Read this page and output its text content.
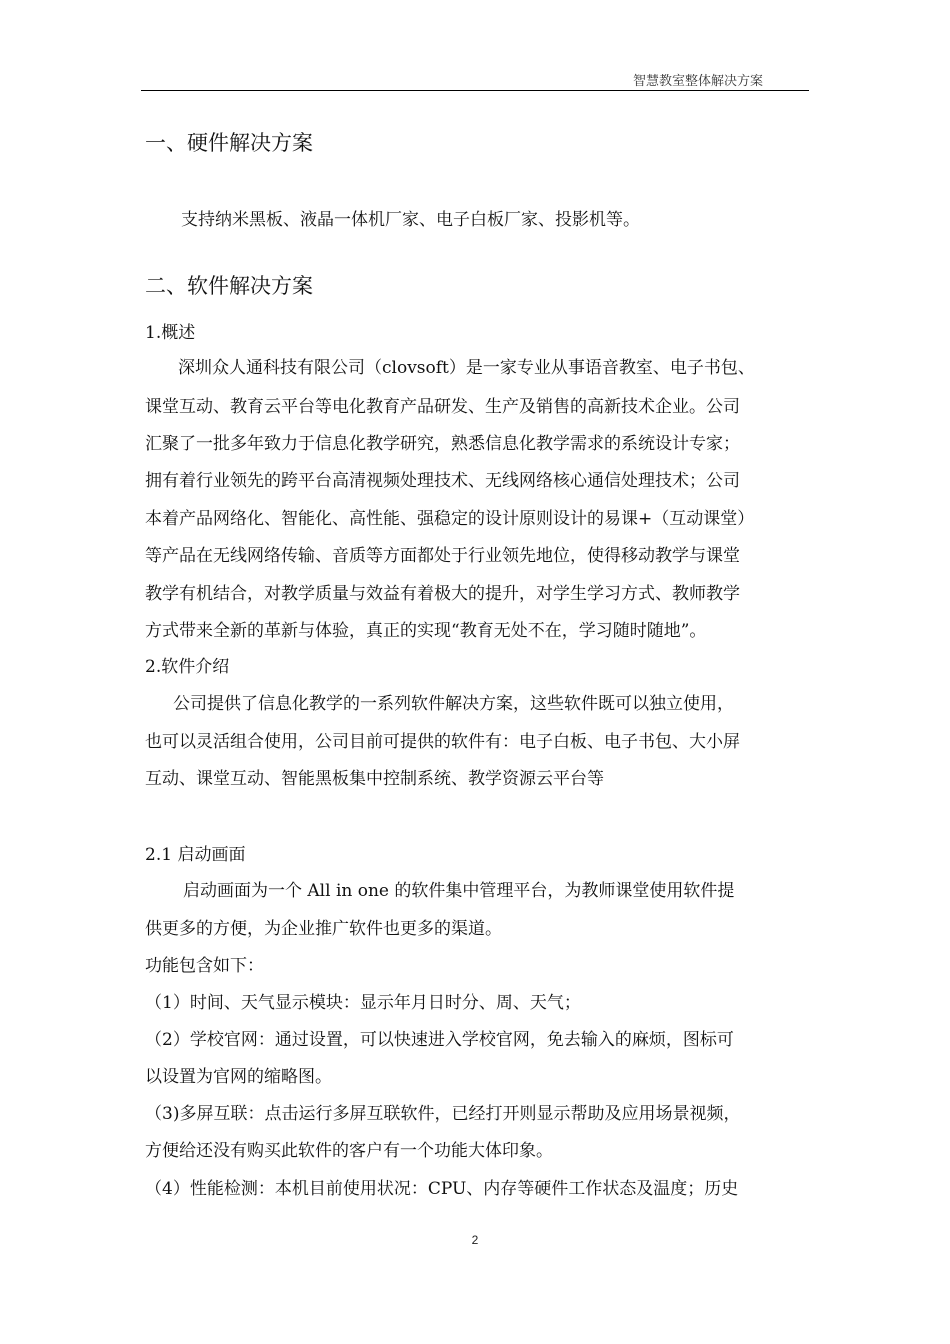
智慧教室整体解决方案
一、硬件解决方案
支持纳米黑板、液晶一体机厂家、电子白板厂家、投影机等。
二、软件解决方案
1.概述
深圳众人通科技有限公司（clovsoft）是一家专业从事语音教室、电子书包、
课堂互动、教育云平台等电化教育产品研发、生产及销售的高新技术企业。公司
汇聚了一批多年致力于信息化教学研究，熟悉信息化教学需求的系统设计专家；
拥有着行业领先的跨平台高清视频处理技术、无线网络核心通信处理技术；公司
本着产品网络化、智能化、高性能、强稳定的设计原则设计的易课+（互动课堂）
等产品在无线网络传输、音质等方面都处于行业领先地位，使得移动教学与课堂
教学有机结合，对教学质量与效益有着极大的提升，对学生学习方式、教师教学
方式带来全新的革新与体验，真正的实现“教育无处不在，学习随时随地”。
2.软件介绍
公司提供了信息化教学的一系列软件解决方案，这些软件既可以独立使用，
也可以灵活组合使用，公司目前可提供的软件有：电子白板、电子书包、大小屏
互动、课堂互动、智能黑板集中控制系统、教学资源云平台等
2.1 启动画面
启动画面为一个 All in one 的软件集中管理平台，为教师课堂使用软件提
供更多的方便，为企业推广软件也更多的渠道。
功能包含如下：
（1）时间、天气显示模块：显示年月日时分、周、天气；
（2）学校官网：通过设置，可以快速进入学校官网，免去输入的麻烦，图标可
以设置为官网的缩略图。
（3)多屏互联：点击运行多屏互联软件，已经打开则显示帮助及应用场景视频，
方便给还没有购买此软件的客户有一个功能大体印象。
（4）性能检测：本机目前使用状况：CPU、内存等硬件工作状态及温度；历史
2
